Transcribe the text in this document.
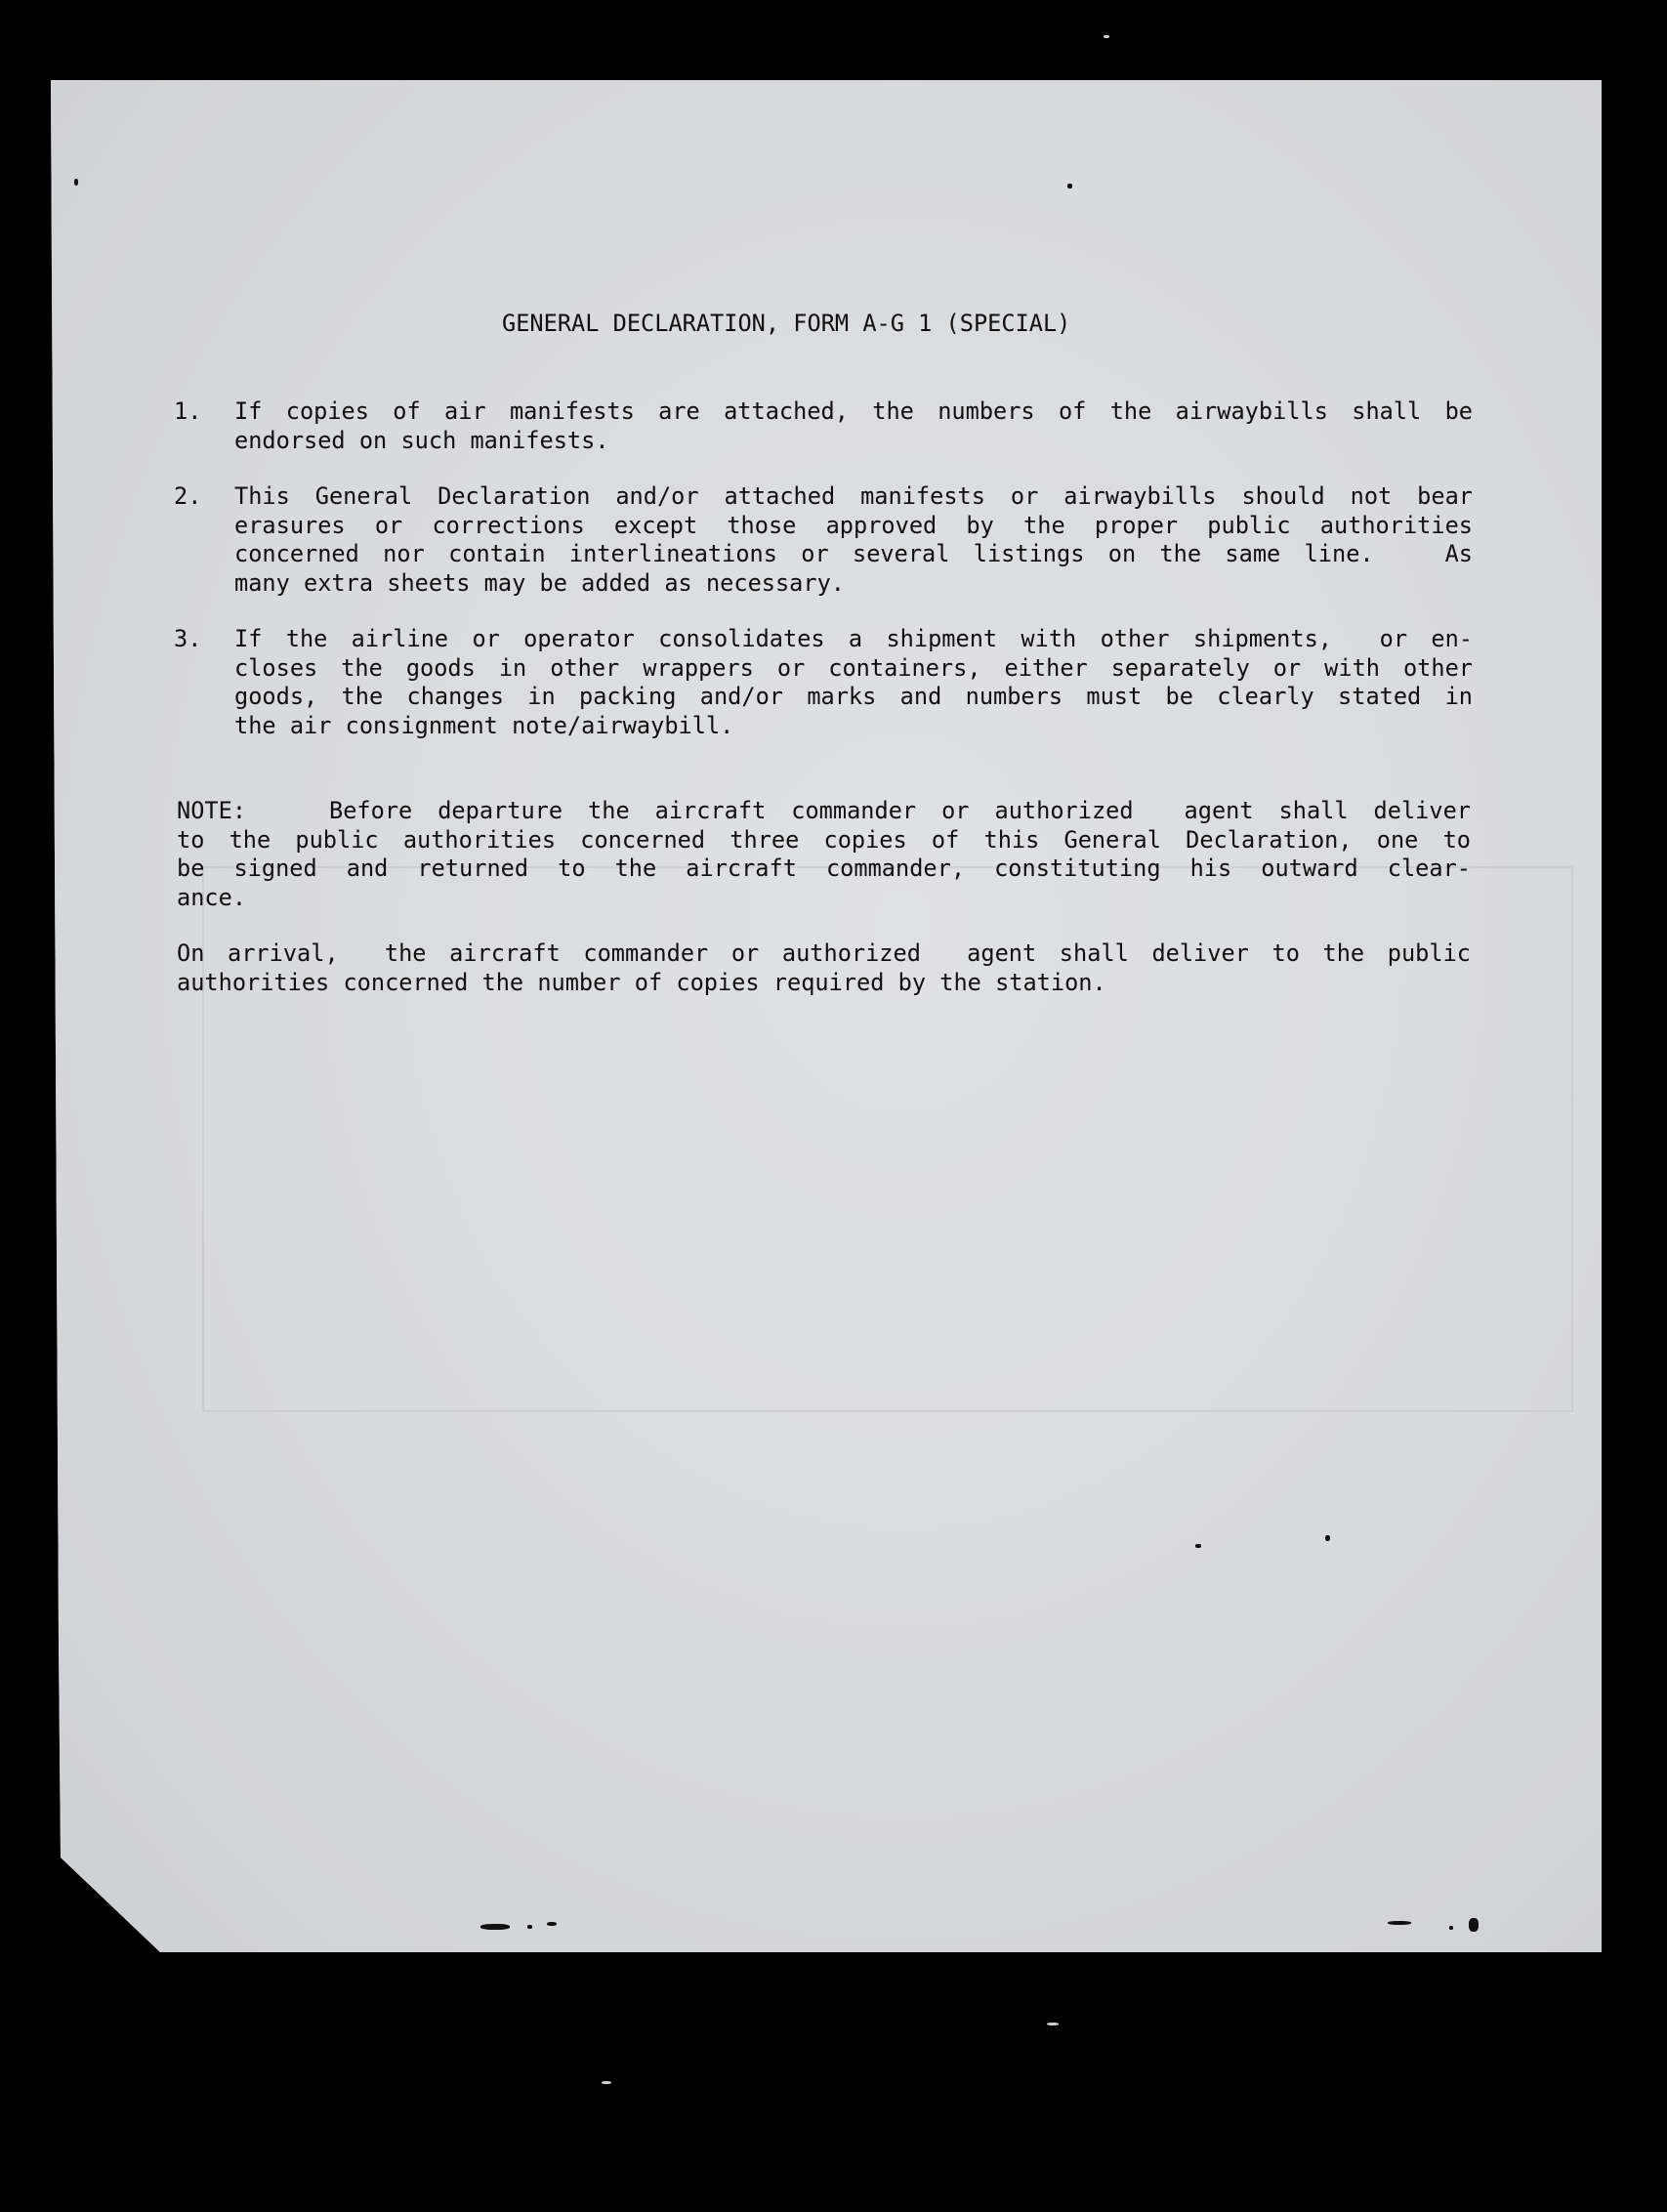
GENERAL DECLARATION, FORM A-G 1 (SPECIAL)
1.	If copies of air manifests are attached, the numbers of the airwaybills shall be
endorsed on such manifests.
2.	This General Declaration and/or attached manifests or airwaybills should not bear
erasures or corrections except those approved by the proper public authorities
concerned nor contain interlineations or several listings on the same line.   As
many extra sheets may be added as necessary.
3.	If the airline or operator consolidates a shipment with other shipments,  or en-
closes the goods in other wrappers or containers, either separately or with other
goods, the changes in packing and/or marks and numbers must be clearly stated in
the air consignment note/airwaybill.
NOTE:	Before departure the aircraft commander or authorized  agent shall deliver
to the public authorities concerned three copies of this General Declaration, one to
be signed and returned to the aircraft commander, constituting his outward clear-
ance.
On arrival,  the aircraft commander or authorized  agent shall deliver to the public
authorities concerned the number of copies required by the station.
